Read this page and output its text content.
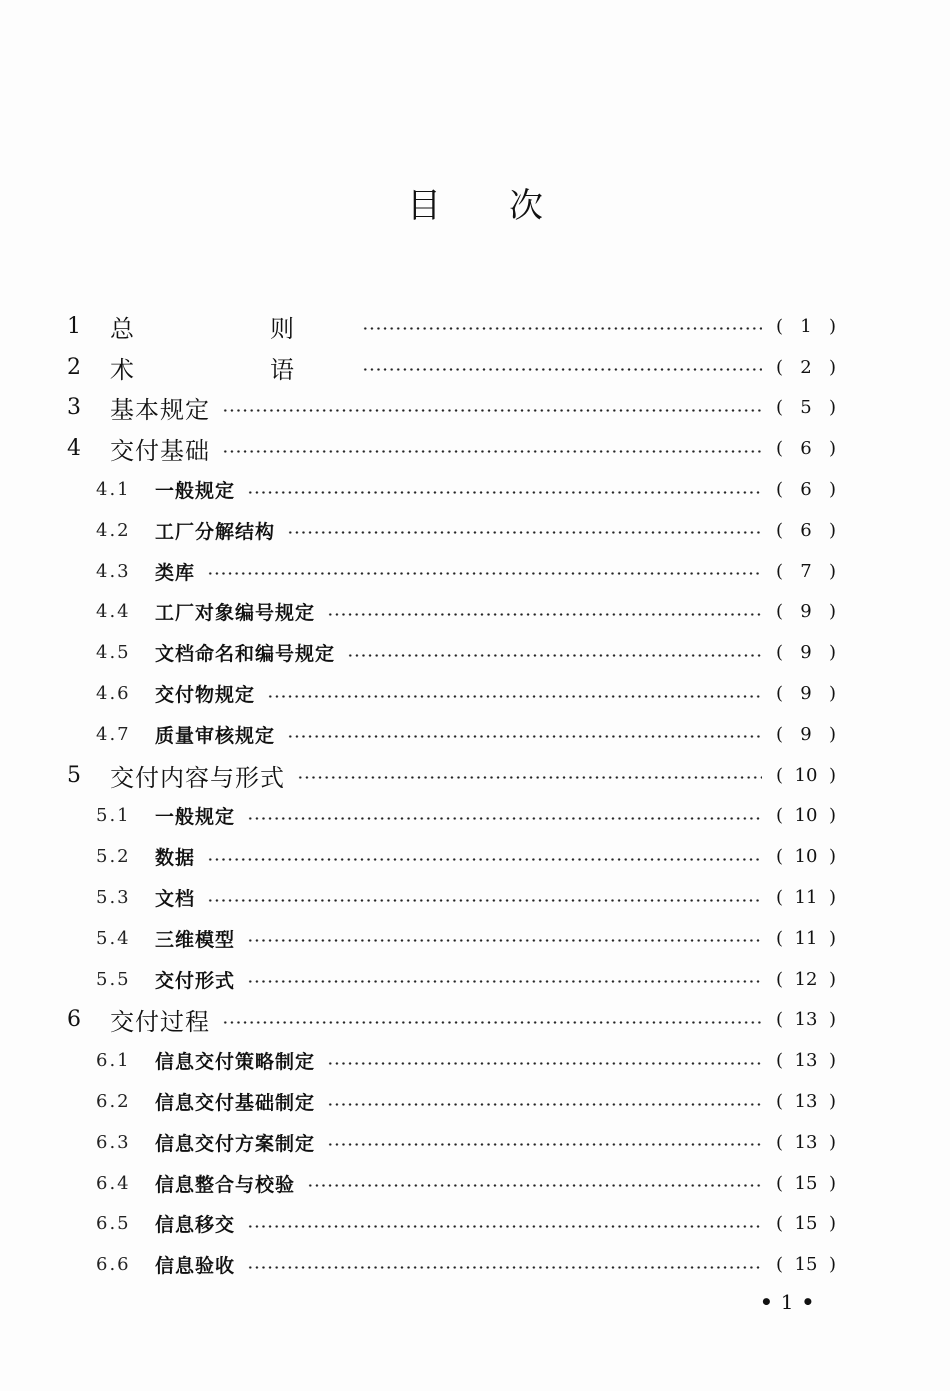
目 次
1 总　则	( 1 )
2 术　语	( 2 )
3 基本规定	( 5 )
4 交付基础	( 6 )
4.1 一般规定	( 6 )
4.2 工厂分解结构	( 6 )
4.3 类库	( 7 )
4.4 工厂对象编号规定	( 9 )
4.5 文档命名和编号规定	( 9 )
4.6 交付物规定	( 9 )
4.7 质量审核规定	( 9 )
5 交付内容与形式	( 10 )
5.1 一般规定	( 10 )
5.2 数据	( 10 )
5.3 文档	( 11 )
5.4 三维模型	( 11 )
5.5 交付形式	( 12 )
6 交付过程	( 13 )
6.1 信息交付策略制定	( 13 )
6.2 信息交付基础制定	( 13 )
6.3 信息交付方案制定	( 13 )
6.4 信息整合与校验	( 15 )
6.5 信息移交	( 15 )
6.6 信息验收	( 15 )
• 1 •
